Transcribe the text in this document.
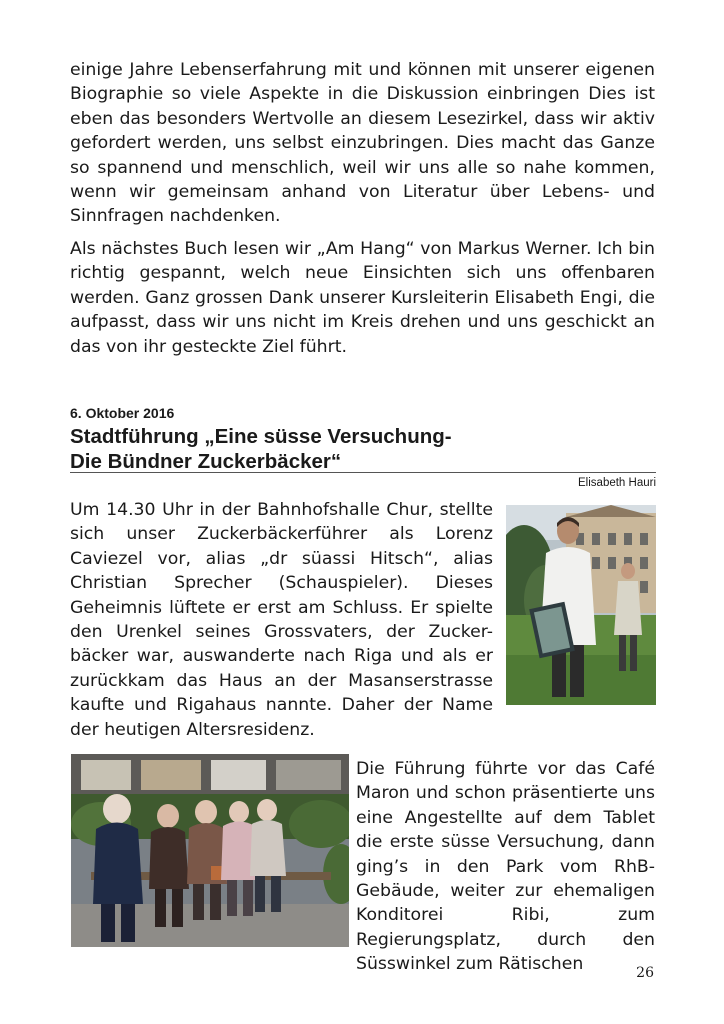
einige Jahre Lebenserfahrung mit und können mit unserer eigenen Biographie so viele Aspekte in die Diskussion einbringen Dies ist eben das besonders Wertvolle an diesem Lesezirkel, dass wir aktiv gefordert werden, uns selbst einzubringen. Dies macht das Ganze so spannend und menschlich, weil wir uns alle so nahe kommen, wenn wir gemeinsam anhand von Literatur über Lebens- und Sinnfragen nachdenken.

Als nächstes Buch lesen wir „Am Hang“ von Markus Werner. Ich bin richtig gespannt, welch neue Einsichten sich uns offenbaren werden. Ganz grossen Dank unserer Kursleiterin Elisabeth Engi, die aufpasst, dass wir uns nicht im Kreis drehen und uns geschickt an das von ihr gesteckte Ziel führt.

6. Oktober 2016

Stadtführung „Eine süsse Versuchung-
Die Bündner Zuckerbäcker“

Elisabeth Hauri

Um 14.30 Uhr in der Bahnhofshalle Chur, stellte sich unser Zuckerbäckerführer als Lorenz Caviezel vor, alias „dr süassi Hitsch“, alias Christian Sprecher (Schauspieler). Dieses Geheimnis lüftete er erst am Schluss. Er spielte den Urenkel seines Grossvaters, der Zucker-bäcker war, auswanderte nach Riga und als er zurückkam das Haus an der Masanserstrasse kaufte und Rigahaus nannte. Daher der Name der heutigen Altersresidenz.

Die Führung führte vor das Café Maron und schon präsentierte uns eine Angestellte auf dem Tablet die erste süsse Versuchung, dann ging’s in den Park vom RhB-Gebäude, weiter zur ehemaligen Konditorei Ribi, zum Regierungsplatz, durch den Süsswinkel zum Rätischen	26
